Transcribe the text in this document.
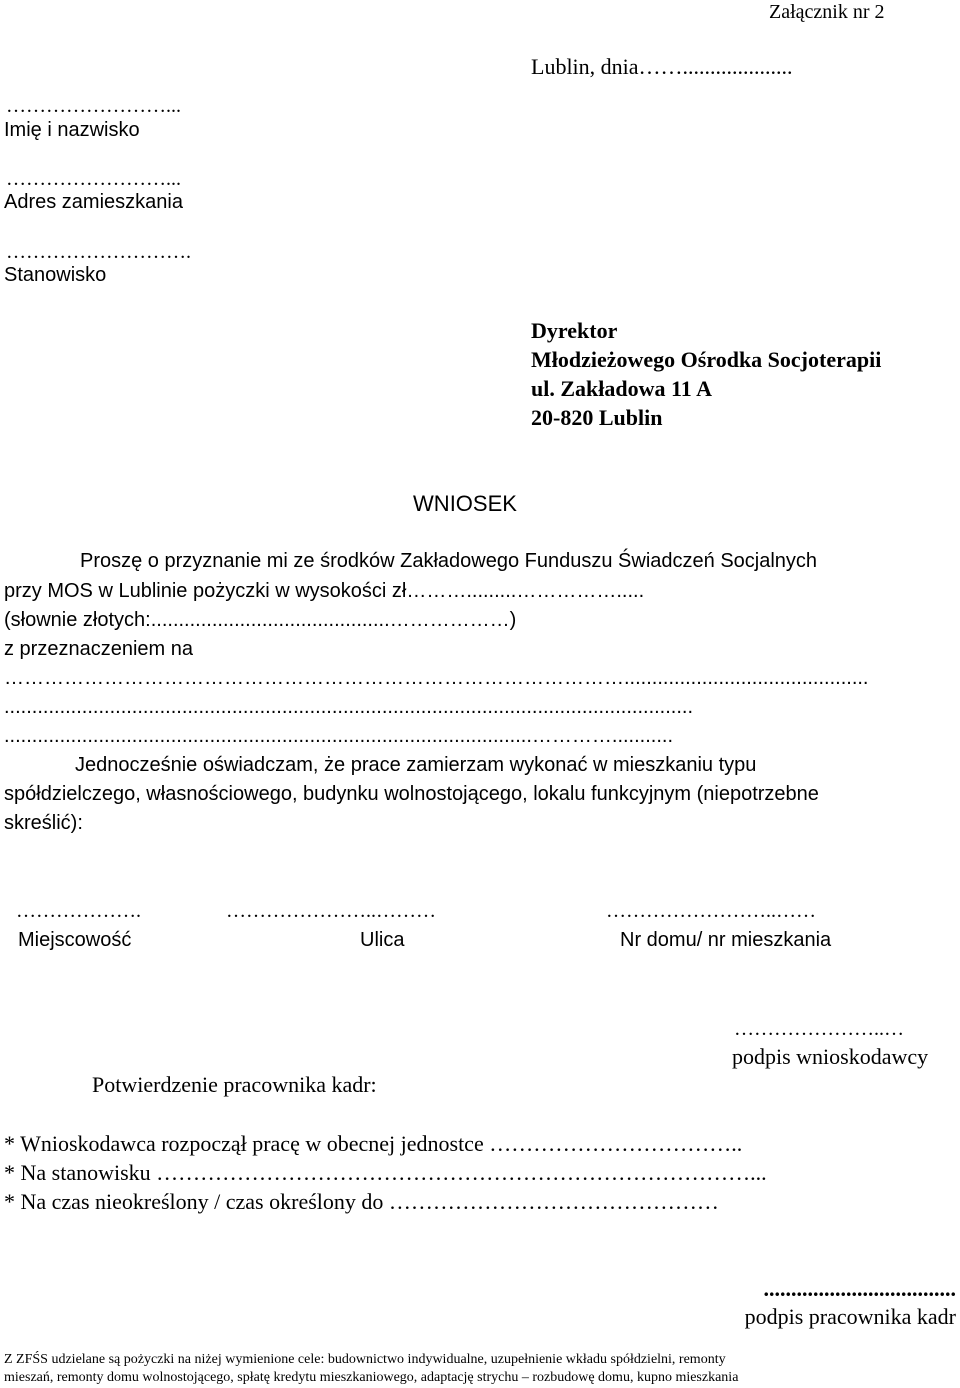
Załącznik nr 2
Lublin, dnia……....................
……………………...
Imię i nazwisko
……………………...
Adres zamieszkania
……………………….
Stanowisko
Dyrektor
Młodzieżowego Ośrodka Socjoterapii
ul. Zakładowa 11 A
20-820 Lublin
WNIOSEK
Proszę o przyznanie mi ze środków Zakładowego Funduszu Świadczeń Socjalnych
przy MOS w Lublinie pożyczki w wysokości zł……….........…………….....
(słownie złotych:...........................................………………)
z przeznaczeniem na
…………………………………………………………………………………............................................
............................................................................................................................
...............................................................................................…………...........
Jednocześnie oświadczam, że prace zamierzam wykonać w mieszkaniu typu
spółdzielczego, własnościowego, budynku wolnostojącego, lokalu funkcyjnym (niepotrzebne
skreślić):
……………….	…………………..………	……………………..……
Miejscowość	Ulica	Nr domu/ nr mieszkania
…………………..…
podpis wnioskodawcy
Potwierdzenie pracownika kadr:
* Wnioskodawca rozpoczął pracę w obecnej jednostce ……………………………..
* Na stanowisku ………………………………………………………………………...
* Na czas nieokreślony / czas określony do ………………………………………
...................................
podpis pracownika kadr
Z ZFŚS udzielane są pożyczki na niżej wymienione cele: budownictwo indywidualne, uzupełnienie wkładu spółdzielni, remonty
mieszań, remonty domu wolnostojącego, spłatę kredytu mieszkaniowego, adaptację strychu – rozbudowę domu, kupno mieszkania
